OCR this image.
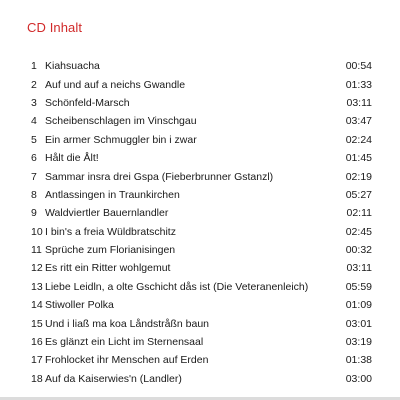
CD Inhalt
1 Kiahsuacha	00:54
2 Auf und auf a neichs Gwandle	01:33
3 Schönfeld-Marsch	03:11
4 Scheibenschlagen im Vinschgau	03:47
5 Ein armer Schmuggler bin i zwar	02:24
6 Hålt die Ålt!	01:45
7 Sammar insra drei Gspa (Fieberbrunner Gstanzl)	02:19
8 Antlassingen in Traunkirchen	05:27
9 Waldviertler Bauernlandler	02:11
10 I bin's a freia Wüldbratschitz	02:45
11 Sprüche zum Florianisingen	00:32
12 Es ritt ein Ritter wohlgemut	03:11
13 Liebe Leidln, a olte Gschicht dås ist (Die Veteranenleich)	05:59
14 Stiwoller Polka	01:09
15 Und i liaß ma koa Låndstråßn baun	03:01
16 Es glänzt ein Licht im Sternensaal	03:19
17 Frohlocket ihr Menschen auf Erden	01:38
18 Auf da Kaiserwies'n (Landler)	03:00
